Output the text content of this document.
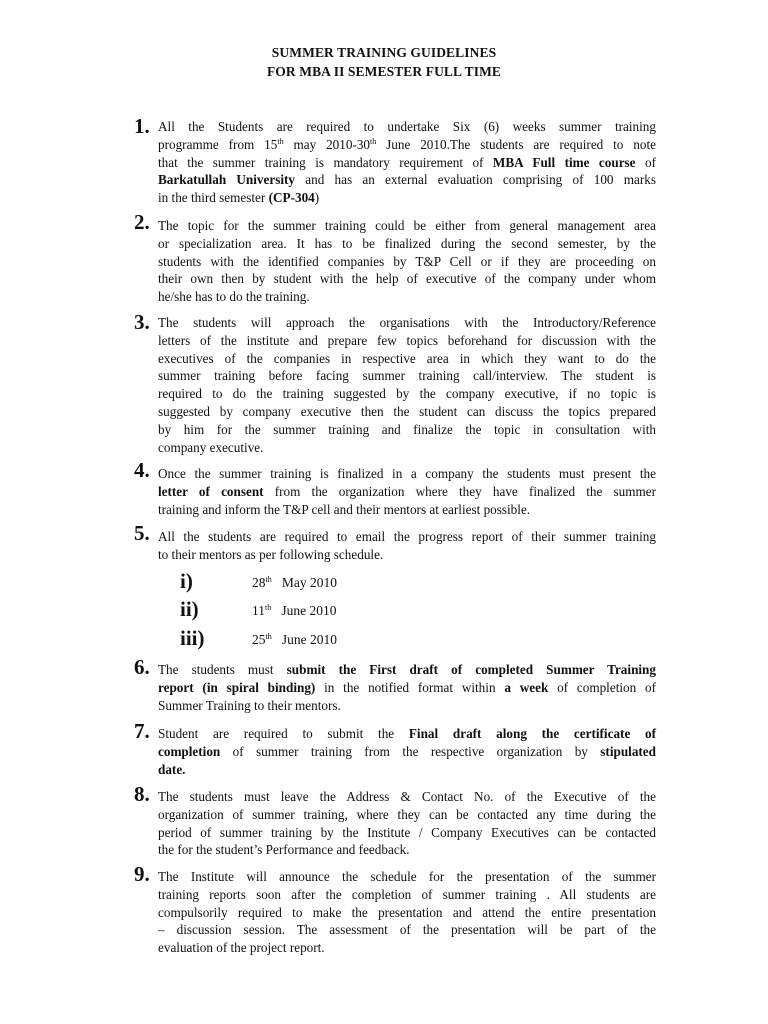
SUMMER TRAINING GUIDELINES
FOR MBA II SEMESTER FULL TIME
1. All the Students are required to undertake Six (6) weeks summer training
programme from 15th may 2010-30th June 2010.The students are required to note
that the summer training is mandatory requirement of MBA Full time course of
Barkatullah University and has an external evaluation comprising of 100 marks
in the third semester (CP-304)
2. The topic for the summer training could be either from general management area
or specialization area. It has to be finalized during the second semester, by the
students with the identified companies by T&P Cell or if they are proceeding on
their own then by student with the help of executive of the company under whom
he/she has to do the training.
3. The students will approach the organisations with the Introductory/Reference
letters of the institute and prepare few topics beforehand for discussion with the
executives of the companies in respective area in which they want to do the
summer training before facing summer training call/interview. The student is
required to do the training suggested by the company executive, if no topic is
suggested by company executive then the student can discuss the topics prepared
by him for the summer training and finalize the topic in consultation with
company executive.
4. Once the summer training is finalized in a company the students must present the
letter of consent from the organization where they have finalized the summer
training and inform the T&P cell and their mentors at earliest possible.
5. All the students are required to email the progress report of their summer training
to their mentors as per following schedule.
i)	28th May 2010
ii)	11th June 2010
iii)	25th June 2010
6. The students must submit the First draft of completed Summer Training
report (in spiral binding) in the notified format within a week of completion of
Summer Training to their mentors.
7. Student are required to submit the Final draft along the certificate of
completion of summer training from the respective organization by stipulated
date.
8. The students must leave the Address & Contact No. of the Executive of the
organization of summer training, where they can be contacted any time during the
period of summer training by the Institute / Company Executives can be contacted
the for the student’s Performance and feedback.
9. The Institute will announce the schedule for the presentation of the summer
training reports soon after the completion of summer training . All students are
compulsorily required to make the presentation and attend the entire presentation
– discussion session. The assessment of the presentation will be part of the
evaluation of the project report.
